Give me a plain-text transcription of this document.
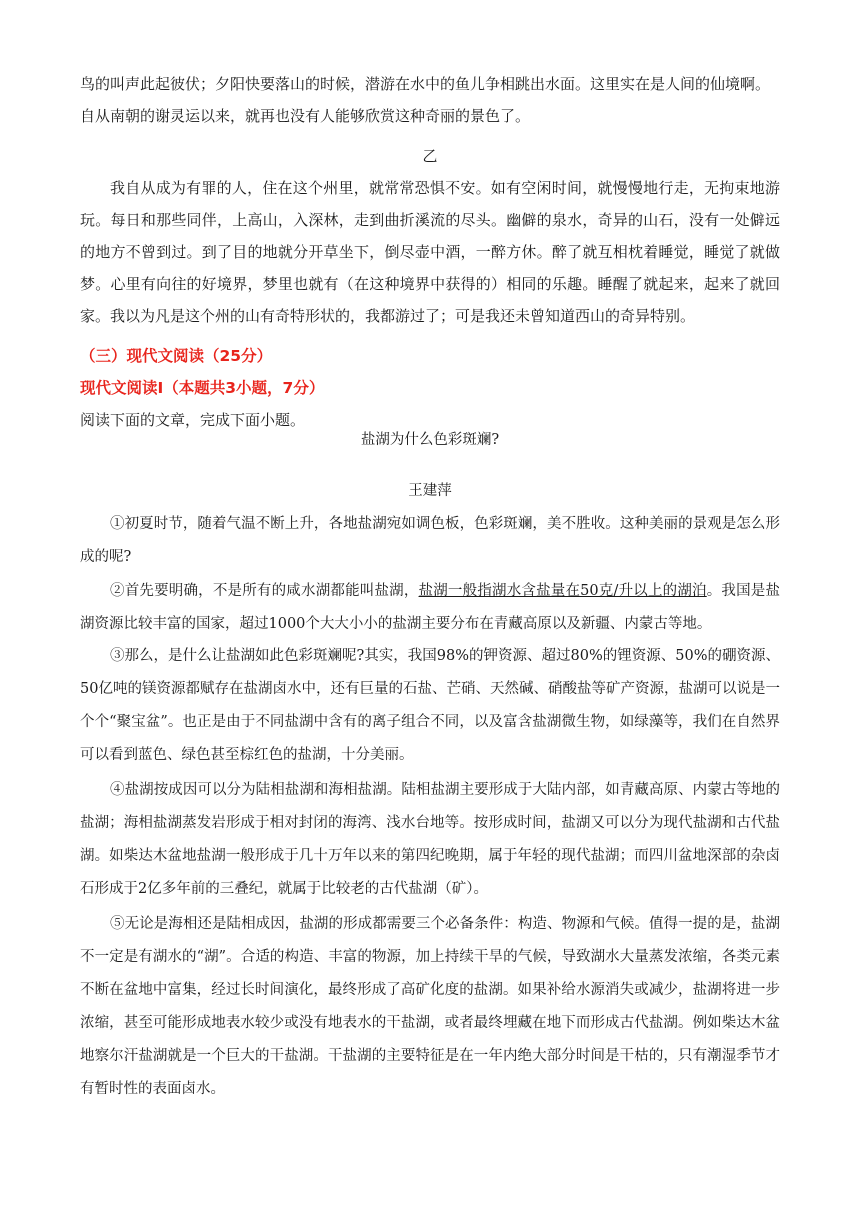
鸟的叫声此起彼伏；夕阳快要落山的时候，潜游在水中的鱼儿争相跳出水面。这里实在是人间的仙境啊。

自从南朝的谢灵运以来，就再也没有人能够欣赏这种奇丽的景色了。

乙

我自从成为有罪的人，住在这个州里，就常常恐惧不安。如有空闲时间，就慢慢地行走，无拘束地游玩。每日和那些同伴，上高山，入深林，走到曲折溪流的尽头。幽僻的泉水，奇异的山石，没有一处僻远的地方不曾到过。到了目的地就分开草坐下，倒尽壶中酒，一醉方休。醉了就互相枕着睡觉，睡觉了就做梦。心里有向往的好境界，梦里也就有（在这种境界中获得的）相同的乐趣。睡醒了就起来，起来了就回家。我以为凡是这个州的山有奇特形状的，我都游过了；可是我还未曾知道西山的奇异特别。

（三）现代文阅读（25分）

现代文阅读Ⅰ（本题共3小题，7分）

阅读下面的文章，完成下面小题。

盐湖为什么色彩斑斓?

王建萍

①初夏时节，随着气温不断上升，各地盐湖宛如调色板，色彩斑斓，美不胜收。这种美丽的景观是怎么形成的呢?

②首先要明确，不是所有的咸水湖都能叫盐湖，盐湖一般指湖水含盐量在50克/升以上的湖泊。我国是盐湖资源比较丰富的国家，超过1000个大大小小的盐湖主要分布在青藏高原以及新疆、内蒙古等地。

③那么，是什么让盐湖如此色彩斑斓呢?其实，我国98%的钾资源、超过80%的锂资源、50%的硼资源、50亿吨的镁资源都赋存在盐湖卤水中，还有巨量的石盐、芒硝、天然碱、硝酸盐等矿产资源，盐湖可以说是一个个“聚宝盆”。也正是由于不同盐湖中含有的离子组合不同，以及富含盐湖微生物，如绿藻等，我们在自然界可以看到蓝色、绿色甚至棕红色的盐湖，十分美丽。

④盐湖按成因可以分为陆相盐湖和海相盐湖。陆相盐湖主要形成于大陆内部，如青藏高原、内蒙古等地的盐湖；海相盐湖蒸发岩形成于相对封闭的海湾、浅水台地等。按形成时间，盐湖又可以分为现代盐湖和古代盐湖。如柴达木盆地盐湖一般形成于几十万年以来的第四纪晚期，属于年轻的现代盐湖；而四川盆地深部的杂卤石形成于2亿多年前的三叠纪，就属于比较老的古代盐湖（矿）。

⑤无论是海相还是陆相成因，盐湖的形成都需要三个必备条件：构造、物源和气候。值得一提的是，盐湖不一定是有湖水的“湖”。合适的构造、丰富的物源，加上持续干旱的气候，导致湖水大量蒸发浓缩，各类元素不断在盆地中富集，经过长时间演化，最终形成了高矿化度的盐湖。如果补给水源消失或减少，盐湖将进一步浓缩，甚至可能形成地表水较少或没有地表水的干盐湖，或者最终埋藏在地下而形成古代盐湖。例如柴达木盆地察尔汗盐湖就是一个巨大的干盐湖。干盐湖的主要特征是在一年内绝大部分时间是干枯的，只有潮湿季节才有暂时性的表面卤水。
